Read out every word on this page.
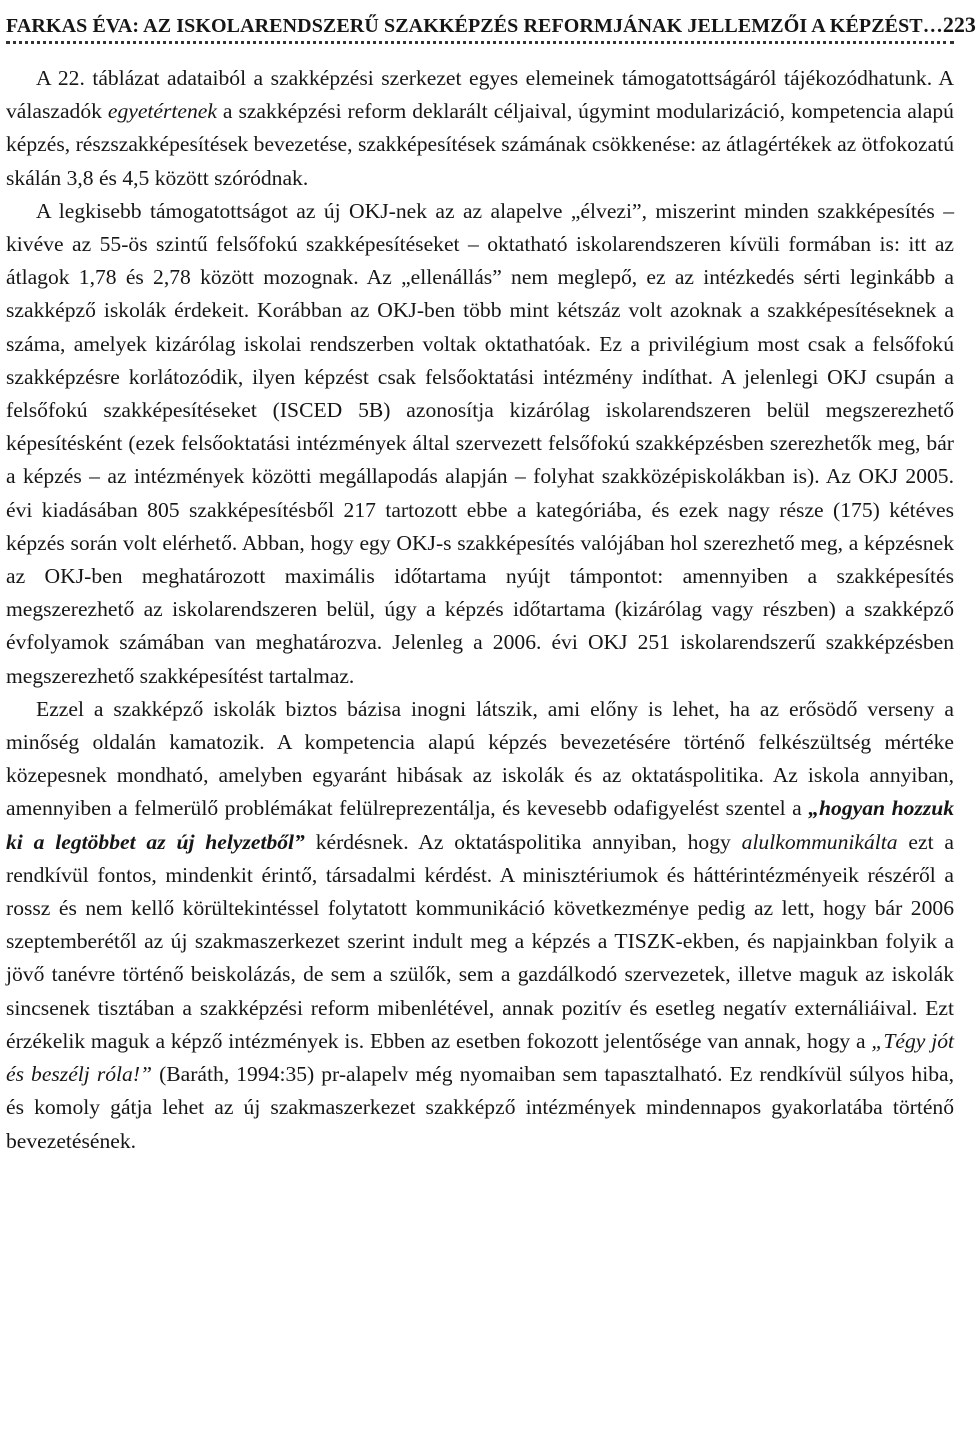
FARKAS ÉVA: AZ ISKOLARENDSZERŰ SZAKKÉPZÉS REFORMJÁNAK JELLEMZŐI A KÉPZÉST… 223

A 22. táblázat adataiból a szakképzési szerkezet egyes elemeinek támogatottságáról tájékozódhatunk. A válaszadók egyetértenek a szakképzési reform deklarált céljaival, úgymint modularizáció, kompetencia alapú képzés, részszakképesítések bevezetése, szakképesítések számának csökkenése: az átlagértékek az ötfokozatú skálán 3,8 és 4,5 között szóródnak.

A legkisebb támogatottságot az új OKJ-nek az az alapelve „élvezi”, miszerint minden szakképesítés – kivéve az 55-ös szintű felsőfokú szakképesítéseket – oktatható iskolarendszeren kívüli formában is: itt az átlagok 1,78 és 2,78 között mozognak. Az „ellenállás” nem meglepő, ez az intézkedés sérti leginkább a szakképző iskolák érdekeit. Korábban az OKJ-ben több mint kétszáz volt azoknak a szakképesítéseknek a száma, amelyek kizárólag iskolai rendszerben voltak oktathatóak. Ez a privilégium most csak a felsőfokú szakképzésre korlátozódik, ilyen képzést csak felsőoktatási intézmény indíthat. A jelenlegi OKJ csupán a felsőfokú szakképesítéseket (ISCED 5B) azonosítja kizárólag iskolarendszeren belül megszerezhető képesítésként (ezek felsőoktatási intézmények által szervezett felsőfokú szakképzésben szerezhetők meg, bár a képzés – az intézmények közötti megállapodás alapján – folyhat szakközépiskolákban is). Az OKJ 2005. évi kiadásában 805 szakképesítésből 217 tartozott ebbe a kategóriába, és ezek nagy része (175) kétéves képzés során volt elérhető. Abban, hogy egy OKJ-s szakképesítés valójában hol szerezhető meg, a képzésnek az OKJ-ben meghatározott maximális időtartama nyújt támpontot: amennyiben a szakképesítés megszerezhető az iskolarendszeren belül, úgy a képzés időtartama (kizárólag vagy részben) a szakképző évfolyamok számában van meghatározva. Jelenleg a 2006. évi OKJ 251 iskolarendszerű szakképzésben megszerezhető szakképesítést tartalmaz.

Ezzel a szakképző iskolák biztos bázisa inogni látszik, ami előny is lehet, ha az erősödő verseny a minőség oldalán kamatozik. A kompetencia alapú képzés bevezetésére történő felkészültség mértéke közepesnek mondható, amelyben egyaránt hibásak az iskolák és az oktatáspolitika. Az iskola annyiban, amennyiben a felmerülő problémákat felülreprezentálja, és kevesebb odafigyelést szentel a „hogyan hozzuk ki a legtöbbet az új helyzetből” kérdésnek. Az oktatáspolitika annyiban, hogy alulkommunikálta ezt a rendkívül fontos, mindenkit érintő, társadalmi kérdést. A minisztériumok és háttérintézményeik részéről a rossz és nem kellő körültekintéssel folytatott kommunikáció következménye pedig az lett, hogy bár 2006 szeptemberétől az új szakmaszerkezet szerint indult meg a képzés a TISZK-ekben, és napjainkban folyik a jövő tanévre történő beiskolázás, de sem a szülők, sem a gazdálkodó szervezetek, illetve maguk az iskolák sincsenek tisztában a szakképzési reform mibenlétével, annak pozitív és esetleg negatív externáliáival. Ezt érzékelik maguk a képző intézmények is. Ebben az esetben fokozott jelentősége van annak, hogy a „Tégy jót és beszélj róla!” (Baráth, 1994:35) pr-alapelv még nyomaiban sem tapasztalható. Ez rendkívül súlyos hiba, és komoly gátja lehet az új szakmaszerkezet szakképző intézmények mindennapos gyakorlatába történő bevezetésének.
